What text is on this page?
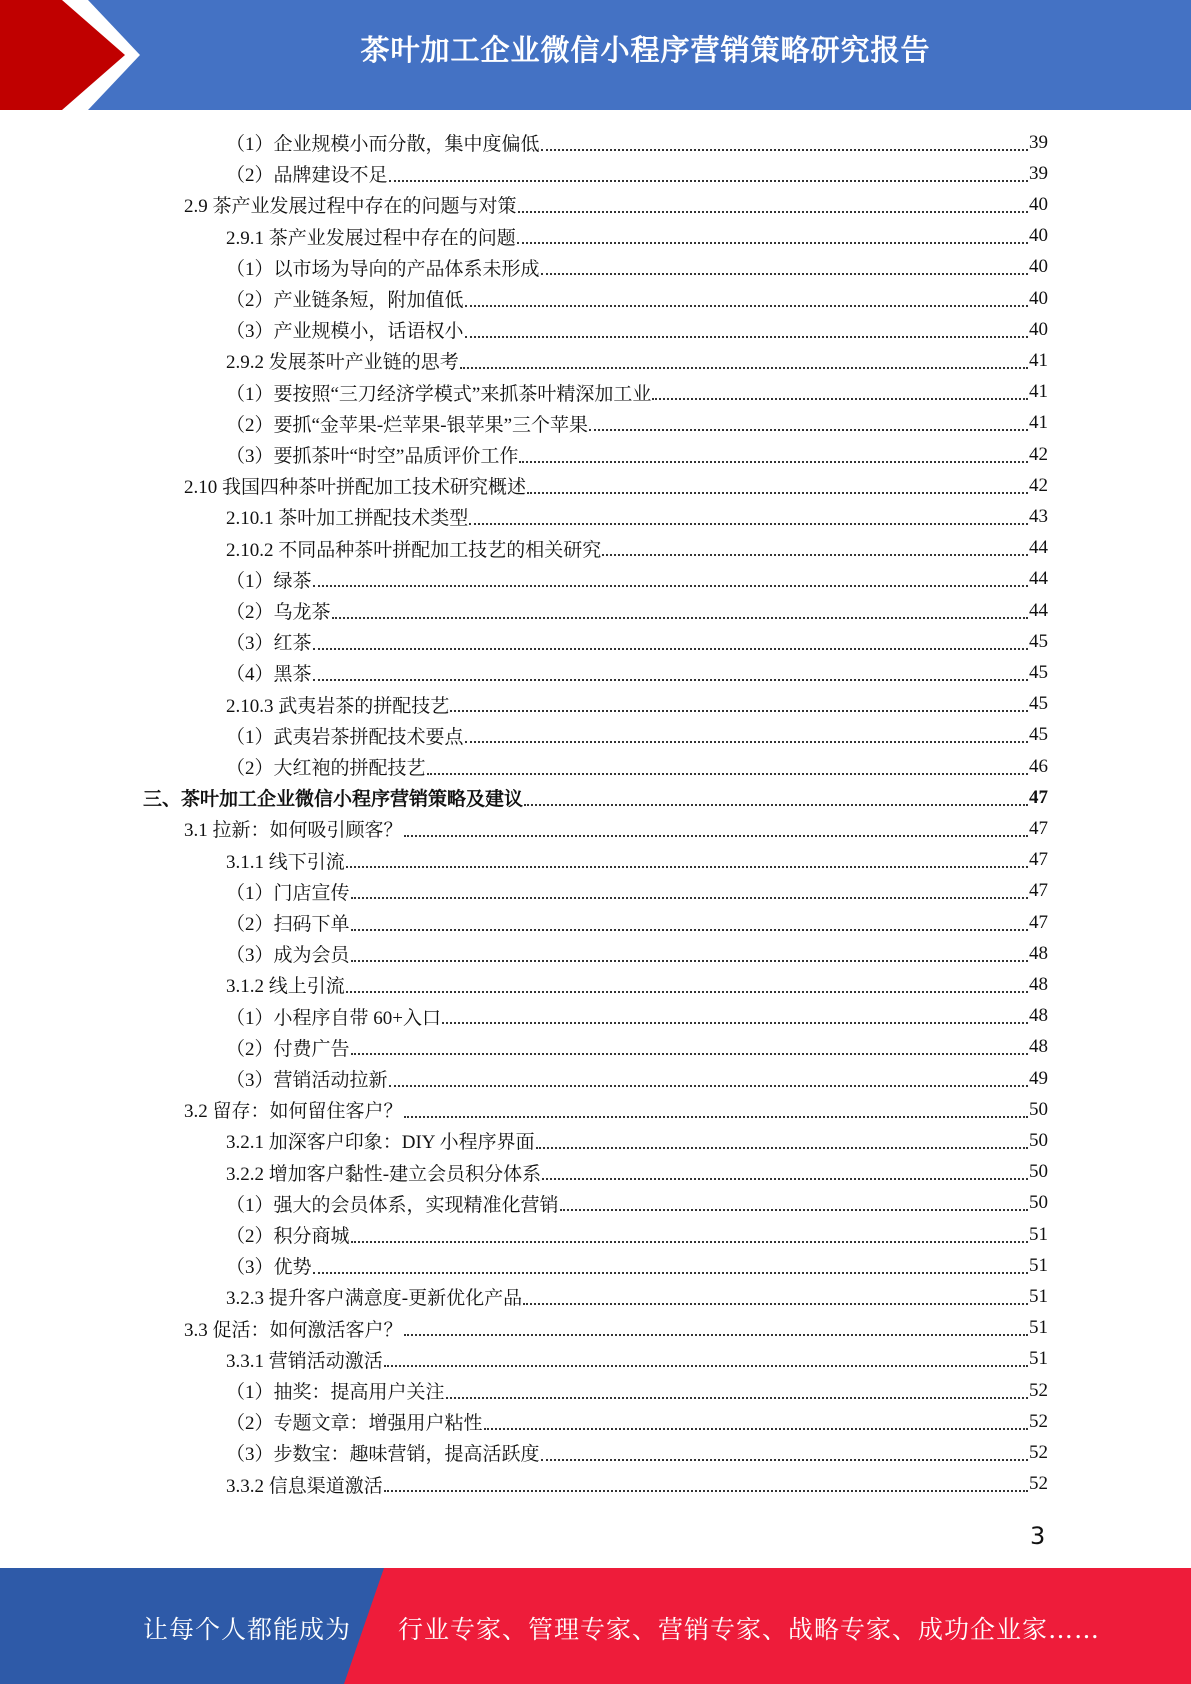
茶叶加工企业微信小程序营销策略研究报告
（1）企业规模小而分散，集中度偏低	39
（2）品牌建设不足	39
2.9 茶产业发展过程中存在的问题与对策	40
2.9.1 茶产业发展过程中存在的问题	40
（1）以市场为导向的产品体系未形成	40
（2）产业链条短，附加值低	40
（3）产业规模小，话语权小	40
2.9.2 发展茶叶产业链的思考	41
（1）要按照“三刀经济学模式”来抓茶叶精深加工业	41
（2）要抓“金苹果-烂苹果-银苹果”三个苹果	41
（3）要抓茶叶“时空”品质评价工作	42
2.10 我国四种茶叶拼配加工技术研究概述	42
2.10.1 茶叶加工拼配技术类型	43
2.10.2 不同品种茶叶拼配加工技艺的相关研究	44
（1）绿茶	44
（2）乌龙茶	44
（3）红茶	45
（4）黑茶	45
2.10.3 武夷岩茶的拼配技艺	45
（1）武夷岩茶拼配技术要点	45
（2）大红袍的拼配技艺	46
三、茶叶加工企业微信小程序营销策略及建议	47
3.1 拉新：如何吸引顾客？	47
3.1.1 线下引流	47
（1）门店宣传	47
（2）扫码下单	47
（3）成为会员	48
3.1.2 线上引流	48
（1）小程序自带 60+入口	48
（2）付费广告	48
（3）营销活动拉新	49
3.2 留存：如何留住客户？	50
3.2.1 加深客户印象：DIY 小程序界面	50
3.2.2 增加客户黏性-建立会员积分体系	50
（1）强大的会员体系，实现精准化营销	50
（2）积分商城	51
（3）优势	51
3.2.3 提升客户满意度-更新优化产品	51
3.3 促活：如何激活客户？	51
3.3.1 营销活动激活	51
（1）抽奖：提高用户关注	52
（2）专题文章：增强用户粘性	52
（3）步数宝：趣味营销，提高活跃度	52
3.3.2 信息渠道激活	52
3
让每个人都能成为 行业专家、管理专家、营销专家、战略专家、成功企业家……
